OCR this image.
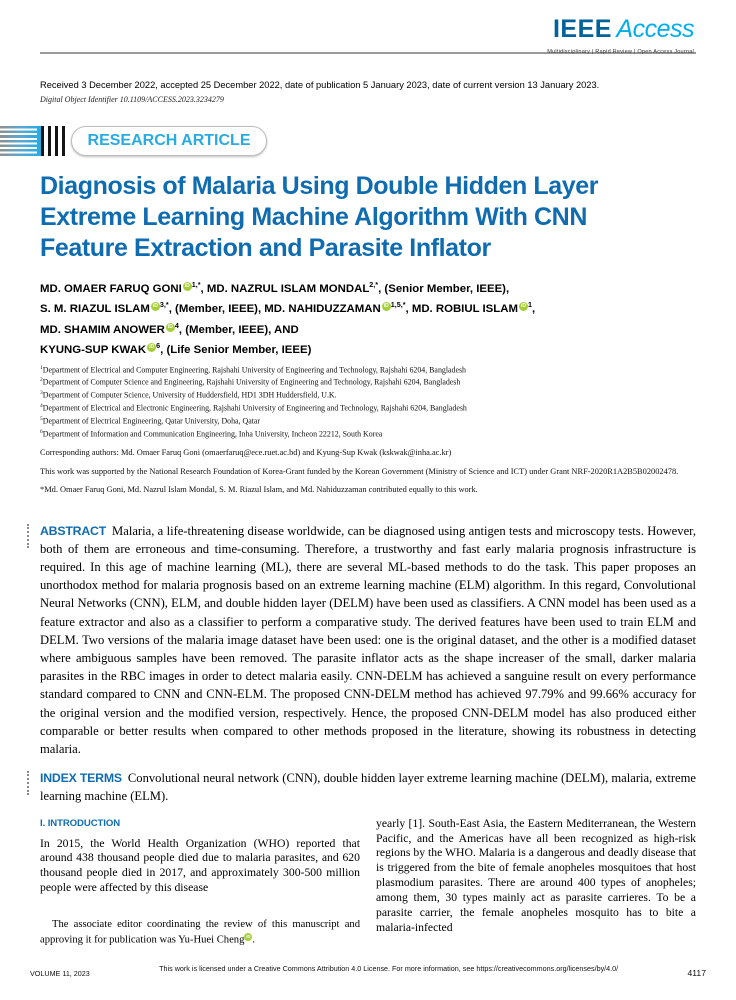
IEEE Access
Multidisciplinary | Rapid Review | Open Access Journal
Received 3 December 2022, accepted 25 December 2022, date of publication 5 January 2023, date of current version 13 January 2023.
Digital Object Identifier 10.1109/ACCESS.2023.3234279
RESEARCH ARTICLE
Diagnosis of Malaria Using Double Hidden Layer
Extreme Learning Machine Algorithm With CNN
Feature Extraction and Parasite Inflator
MD. OMAER FARUQ GONI iD $^{1,*}$, MD. NAZRUL ISLAM $MONDAL^{2,*}$, (Senior Member, IEEE),
S. M. RIAZUL ISLAM iD $^{3,*}$, (Member, IEEE), MD. NAHIDUZZAMAN iD $^{1,5,*}$, MD. ROBIUL ISLAM iD $^1$,
MD. SHAMIM ANOWER iD $^4$, (Member, IEEE), AND
KYUNG-SUP KWAK iD $^6$, (Life Senior Member, IEEE)
$^1$Department of Electrical and Computer Engineering, Rajshahi University of Engineering and Technology, Rajshahi 6204, Bangladesh
$^2$Department of Computer Science and Engineering, Rajshahi University of Engineering and Technology, Rajshahi 6204, Bangladesh
$^3$Department of Computer Science, University of Huddersfield, HD1 3DH Huddersfield, U.K.
$^4$Department of Electrical and Electronic Engineering, Rajshahi University of Engineering and Technology, Rajshahi 6204, Bangladesh
$^5$Department of Electrical Engineering, Qatar University, Doha, Qatar
$^6$Department of Information and Communication Engineering, Inha University, Incheon 22212, South Korea
Corresponding authors: Md. Omaer Faruq Goni (omaerfaruq@ece.ruet.ac.bd) and Kyung-Sup Kwak (kskwak@inha.ac.kr)
This work was supported by the National Research Foundation of Korea-Grant funded by the Korean Government (Ministry of Science and ICT) under Grant NRF-2020R1A2B5B02002478.
*Md. Omaer Faruq Goni, Md. Nazrul Islam Mondal, S. M. Riazul Islam, and Md. Nahiduzzaman contributed equally to this work.
ABSTRACT Malaria, a life-threatening disease worldwide, can be diagnosed using antigen tests and microscopy tests. However, both of them are erroneous and time-consuming. Therefore, a trustworthy and fast early malaria prognosis infrastructure is required. In this age of machine learning (ML), there are several ML-based methods to do the task. This paper proposes an unorthodox method for malaria prognosis based on an extreme learning machine (ELM) algorithm. In this regard, Convolutional Neural Networks (CNN), ELM, and double hidden layer (DELM) have been used as classifiers. A CNN model has been used as a feature extractor and also as a classifier to perform a comparative study. The derived features have been used to train ELM and DELM. Two versions of the malaria image dataset have been used: one is the original dataset, and the other is a modified dataset where ambiguous samples have been removed. The parasite inflator acts as the shape increaser of the small, darker malaria parasites in the RBC images in order to detect malaria easily. CNN-DELM has achieved a sanguine result on every performance standard compared to CNN and CNN-ELM. The proposed CNN-DELM method has achieved 97.79% and 99.66% accuracy for the original version and the modified version, respectively. Hence, the proposed CNN-DELM model has also produced either comparable or better results when compared to other methods proposed in the literature, showing its robustness in detecting malaria.
INDEX TERMS Convolutional neural network (CNN), double hidden layer extreme learning machine (DELM), malaria, extreme learning machine (ELM).
I. INTRODUCTION
In 2015, the World Health Organization (WHO) reported that around 438 thousand people died due to malaria parasites, and 620 thousand people died in 2017, and approximately 300-500 million people were affected by this disease
The associate editor coordinating the review of this manuscript and approving it for publication was Yu-Huei Cheng iD .
yearly [1]. South-East Asia, the Eastern Mediterranean, the Western Pacific, and the Americas have all been recognized as high-risk regions by the WHO. Malaria is a dangerous and deadly disease that is triggered from the bite of female anopheles mosquitoes that host plasmodium parasites. There are around 400 types of anopheles; among them, 30 types mainly act as parasite carrieres. To be a parasite carrier, the female anopheles mosquito has to bite a malaria-infected
VOLUME 11, 2023
This work is licensed under a Creative Commons Attribution 4.0 License. For more information, see https://creativecommons.org/licenses/by/4.0/	4117
